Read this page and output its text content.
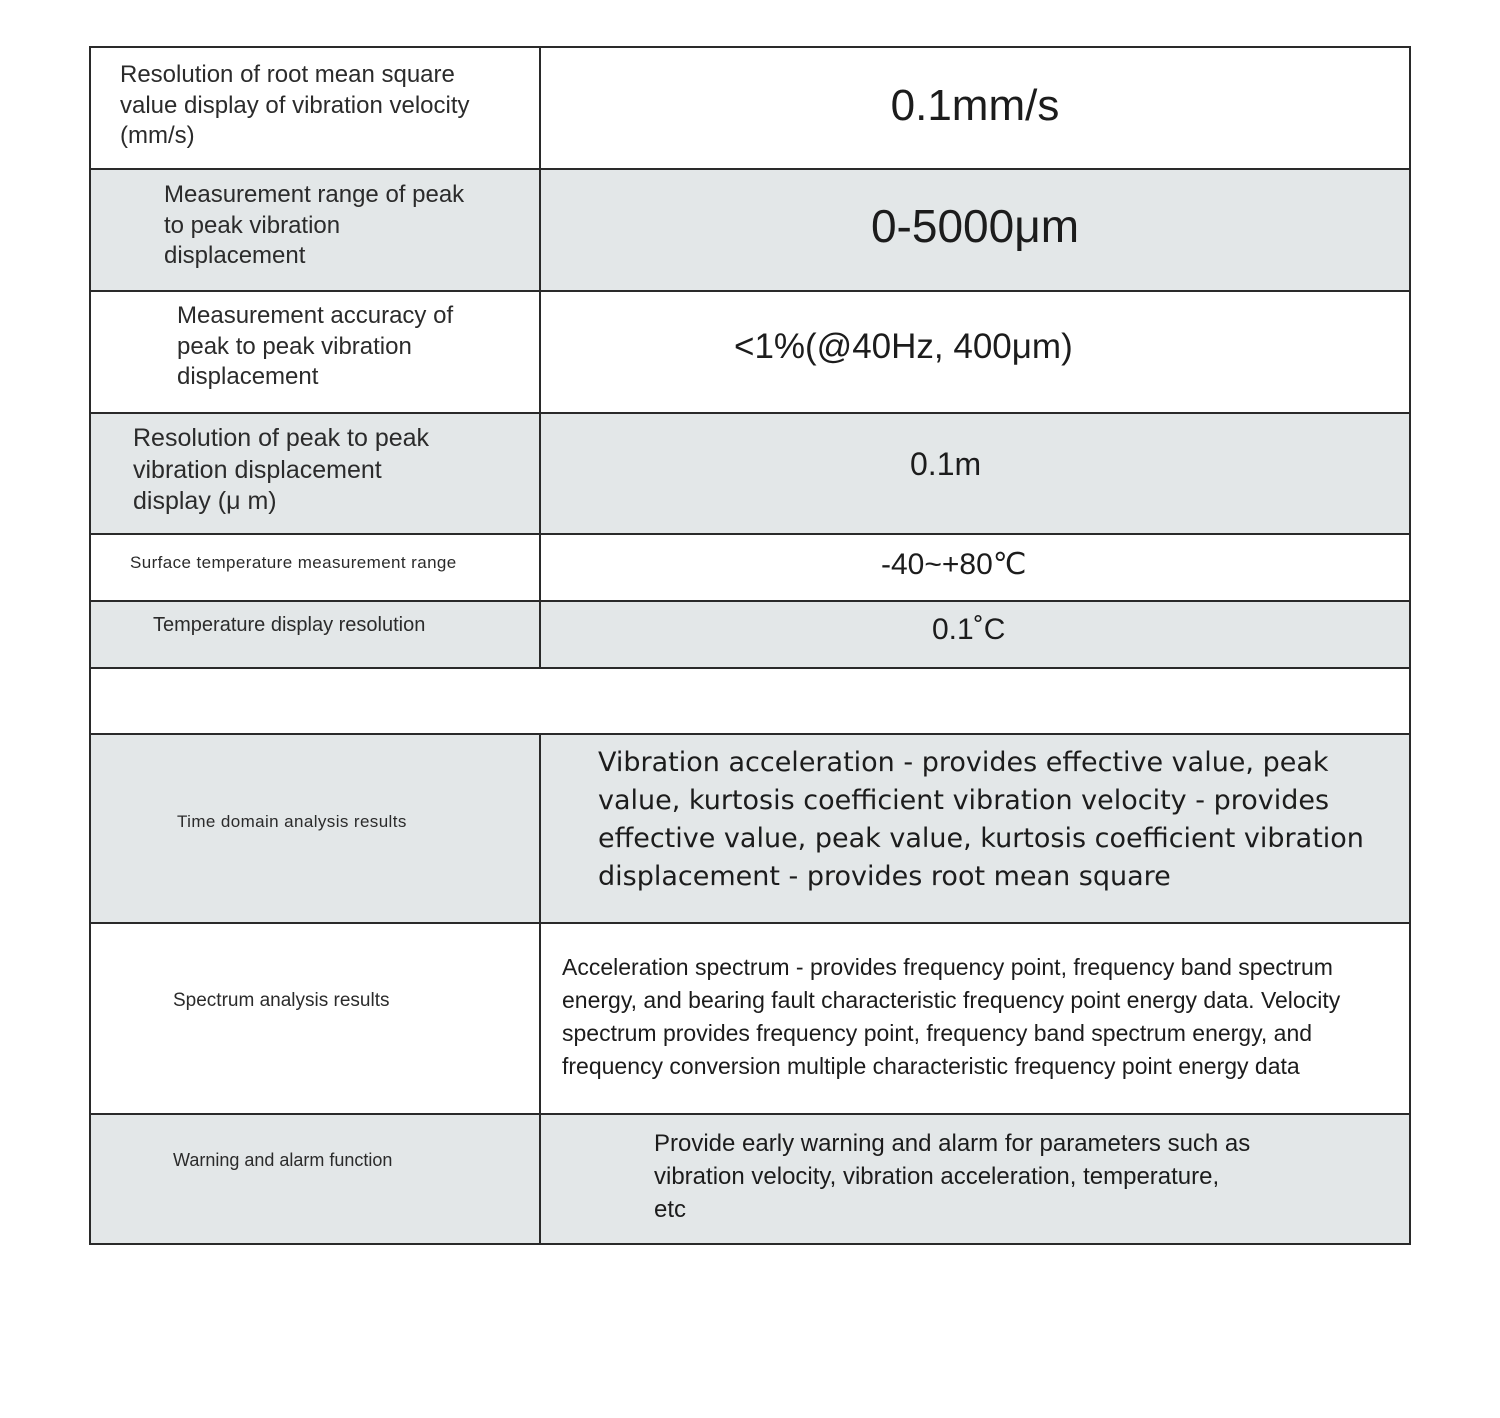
Resolution of root mean square value display of vibration velocity (mm/s)	0.1mm/s

Measurement range of peak to peak vibration displacement	0-5000μm

Measurement accuracy of peak to peak vibration displacement	<1%(@40Hz, 400μm)

Resolution of peak to peak vibration displacement display (μ m)	0.1m

Surface temperature measurement range	-40~+80℃

Temperature display resolution	0.1˚C

Time domain analysis results	Vibration acceleration - provides effective value, peak value, kurtosis coefficient vibration velocity - provides effective value, peak value, kurtosis coefficient vibration displacement - provides root mean square

Spectrum analysis results	Acceleration spectrum - provides frequency point, frequency band spectrum energy, and bearing fault characteristic frequency point energy data. Velocity spectrum provides frequency point, frequency band spectrum energy, and frequency conversion multiple characteristic frequency point energy data

Warning and alarm function	Provide early warning and alarm for parameters such as vibration velocity, vibration acceleration, temperature, etc
